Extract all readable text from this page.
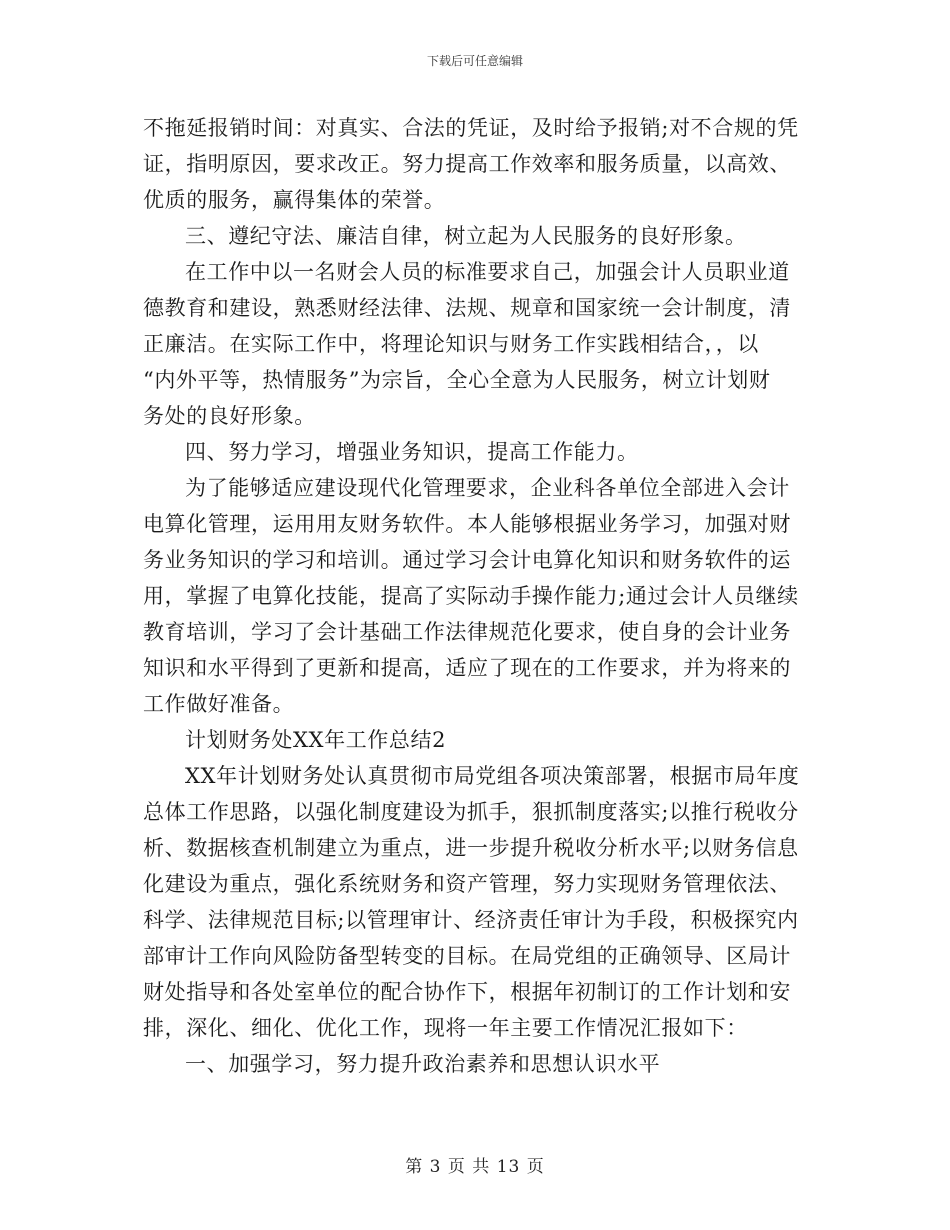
下载后可任意编辑
不拖延报销时间：对真实、合法的凭证，及时给予报销;对不合规的凭
证，指明原因，要求改正。努力提高工作效率和服务质量，以高效、
优质的服务，赢得集体的荣誉。
三、遵纪守法、廉洁自律，树立起为人民服务的良好形象。
在工作中以一名财会人员的标准要求自己，加强会计人员职业道
德教育和建设，熟悉财经法律、法规、规章和国家统一会计制度，清
正廉洁。在实际工作中，将理论知识与财务工作实践相结合，，以
“内外平等，热情服务”为宗旨，全心全意为人民服务，树立计划财
务处的良好形象。
四、努力学习，增强业务知识，提高工作能力。
为了能够适应建设现代化管理要求，企业科各单位全部进入会计
电算化管理，运用用友财务软件。本人能够根据业务学习，加强对财
务业务知识的学习和培训。通过学习会计电算化知识和财务软件的运
用，掌握了电算化技能，提高了实际动手操作能力;通过会计人员继续
教育培训，学习了会计基础工作法律规范化要求，使自身的会计业务
知识和水平得到了更新和提高，适应了现在的工作要求，并为将来的
工作做好准备。
计划财务处XX年工作总结2
XX年计划财务处认真贯彻市局党组各项决策部署，根据市局年度
总体工作思路，以强化制度建设为抓手，狠抓制度落实;以推行税收分
析、数据核查机制建立为重点，进一步提升税收分析水平;以财务信息
化建设为重点，强化系统财务和资产管理，努力实现财务管理依法、
科学、法律规范目标;以管理审计、经济责任审计为手段，积极探究内
部审计工作向风险防备型转变的目标。在局党组的正确领导、区局计
财处指导和各处室单位的配合协作下，根据年初制订的工作计划和安
排，深化、细化、优化工作，现将一年主要工作情况汇报如下：
一、加强学习，努力提升政治素养和思想认识水平
第 3 页 共 13 页
